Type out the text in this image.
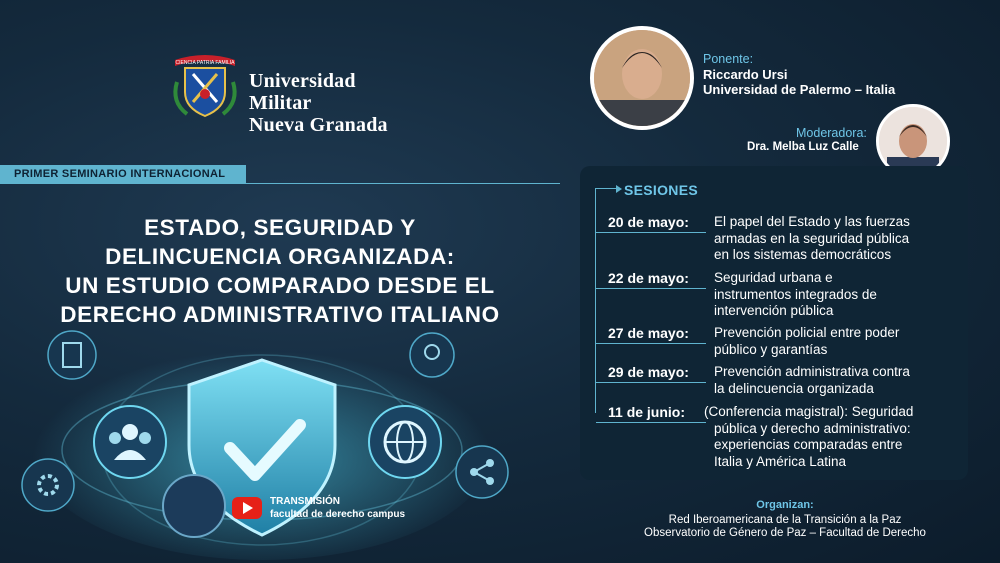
CIENCIA PATRIA FAMILIA
Universidad Militar
Nueva Granada
PRIMER SEMINARIO INTERNACIONAL
ESTADO, SEGURIDAD Y
DELINCUENCIA ORGANIZADA:
UN ESTUDIO COMPARADO DESDE EL
DERECHO ADMINISTRATIVO ITALIANO
TRANSMISIÓN
facultad de derecho campus
Ponente:
Riccardo Ursi
Universidad de Palermo – Italia
Moderadora:
Dra. Melba Luz Calle
SESIONES
20 de mayo: El papel del Estado y las fuerzas
armadas en la seguridad pública
en los sistemas democráticos
22 de mayo: Seguridad urbana e
instrumentos integrados de
intervención pública
27 de mayo: Prevención policial entre poder
público y garantías
29 de mayo: Prevención administrativa contra
la delincuencia organizada
11 de junio: (Conferencia magistral): Seguridad
pública y derecho administrativo:
experiencias comparadas entre
Italia y América Latina
Organizan:
Red Iberoamericana de la Transición a la Paz
Observatorio de Género de Paz – Facultad de Derecho
